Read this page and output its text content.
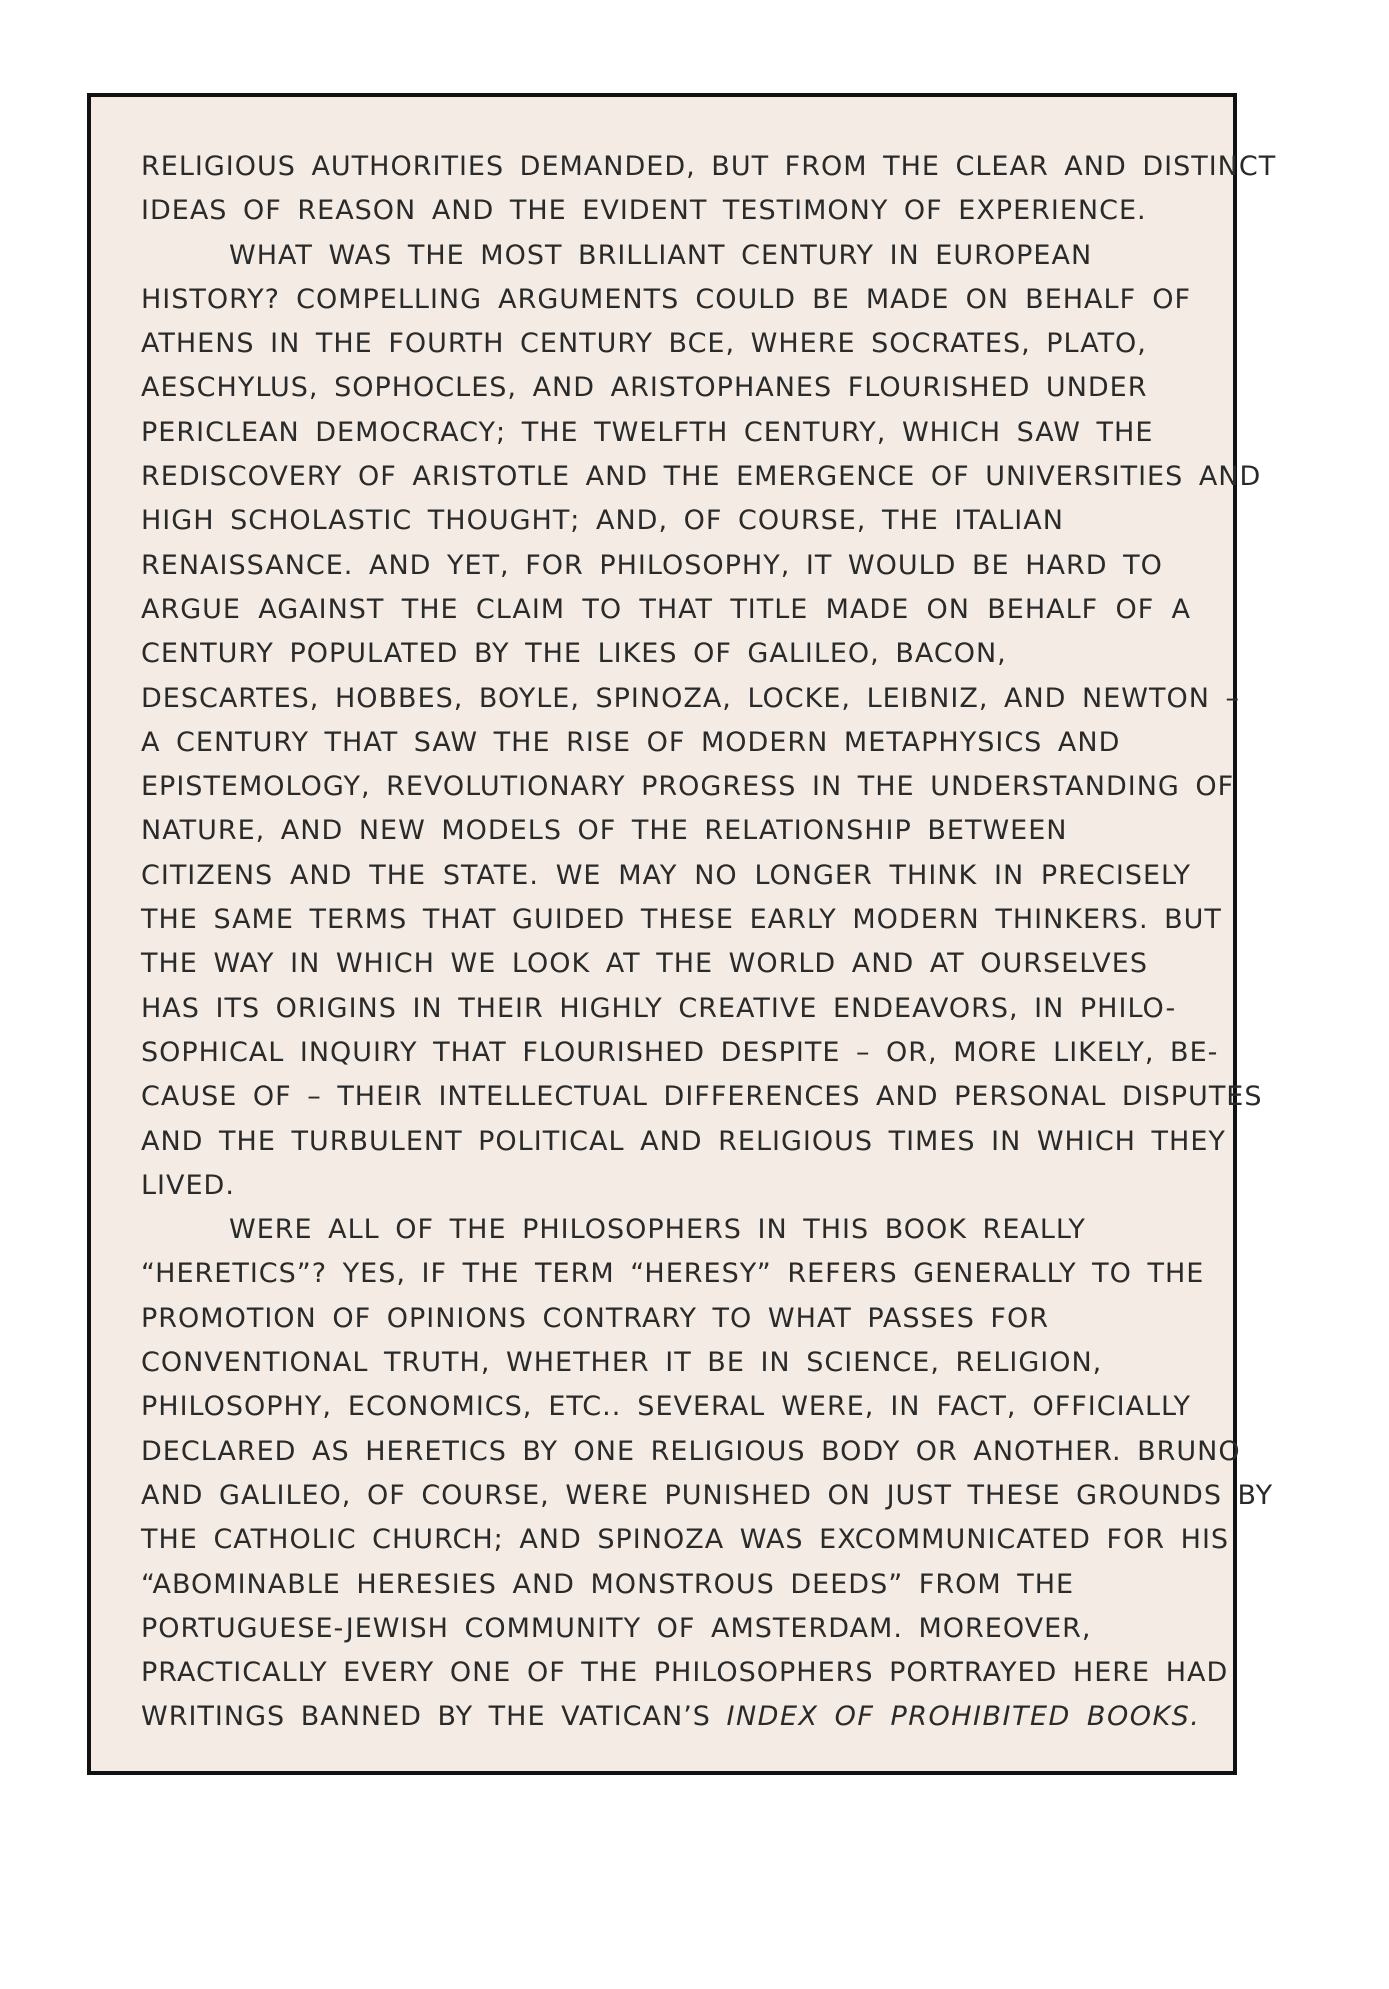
RELIGIOUS AUTHORITIES DEMANDED, BUT FROM THE CLEAR AND DISTINCT
IDEAS OF REASON AND THE EVIDENT TESTIMONY OF EXPERIENCE.
WHAT WAS THE MOST BRILLIANT CENTURY IN EUROPEAN
HISTORY? COMPELLING ARGUMENTS COULD BE MADE ON BEHALF OF
ATHENS IN THE FOURTH CENTURY BCE, WHERE SOCRATES, PLATO,
AESCHYLUS, SOPHOCLES, AND ARISTOPHANES FLOURISHED UNDER
PERICLEAN DEMOCRACY; THE TWELFTH CENTURY, WHICH SAW THE
REDISCOVERY OF ARISTOTLE AND THE EMERGENCE OF UNIVERSITIES AND
HIGH SCHOLASTIC THOUGHT; AND, OF COURSE, THE ITALIAN
RENAISSANCE. AND YET, FOR PHILOSOPHY, IT WOULD BE HARD TO
ARGUE AGAINST THE CLAIM TO THAT TITLE MADE ON BEHALF OF A
CENTURY POPULATED BY THE LIKES OF GALILEO, BACON,
DESCARTES, HOBBES, BOYLE, SPINOZA, LOCKE, LEIBNIZ, AND NEWTON –
A CENTURY THAT SAW THE RISE OF MODERN METAPHYSICS AND
EPISTEMOLOGY, REVOLUTIONARY PROGRESS IN THE UNDERSTANDING OF
NATURE, AND NEW MODELS OF THE RELATIONSHIP BETWEEN
CITIZENS AND THE STATE. WE MAY NO LONGER THINK IN PRECISELY
THE SAME TERMS THAT GUIDED THESE EARLY MODERN THINKERS. BUT
THE WAY IN WHICH WE LOOK AT THE WORLD AND AT OURSELVES
HAS ITS ORIGINS IN THEIR HIGHLY CREATIVE ENDEAVORS, IN PHILO-
SOPHICAL INQUIRY THAT FLOURISHED DESPITE – OR, MORE LIKELY, BE-
CAUSE OF – THEIR INTELLECTUAL DIFFERENCES AND PERSONAL DISPUTES
AND THE TURBULENT POLITICAL AND RELIGIOUS TIMES IN WHICH THEY
LIVED.
WERE ALL OF THE PHILOSOPHERS IN THIS BOOK REALLY
“HERETICS”? YES, IF THE TERM “HERESY” REFERS GENERALLY TO THE
PROMOTION OF OPINIONS CONTRARY TO WHAT PASSES FOR
CONVENTIONAL TRUTH, WHETHER IT BE IN SCIENCE, RELIGION,
PHILOSOPHY, ECONOMICS, ETC.. SEVERAL WERE, IN FACT, OFFICIALLY
DECLARED AS HERETICS BY ONE RELIGIOUS BODY OR ANOTHER. BRUNO
AND GALILEO, OF COURSE, WERE PUNISHED ON JUST THESE GROUNDS BY
THE CATHOLIC CHURCH; AND SPINOZA WAS EXCOMMUNICATED FOR HIS
“ABOMINABLE HERESIES AND MONSTROUS DEEDS” FROM THE
PORTUGUESE-JEWISH COMMUNITY OF AMSTERDAM. MOREOVER,
PRACTICALLY EVERY ONE OF THE PHILOSOPHERS PORTRAYED HERE HAD
WRITINGS BANNED BY THE VATICAN’S INDEX OF PROHIBITED BOOKS.
